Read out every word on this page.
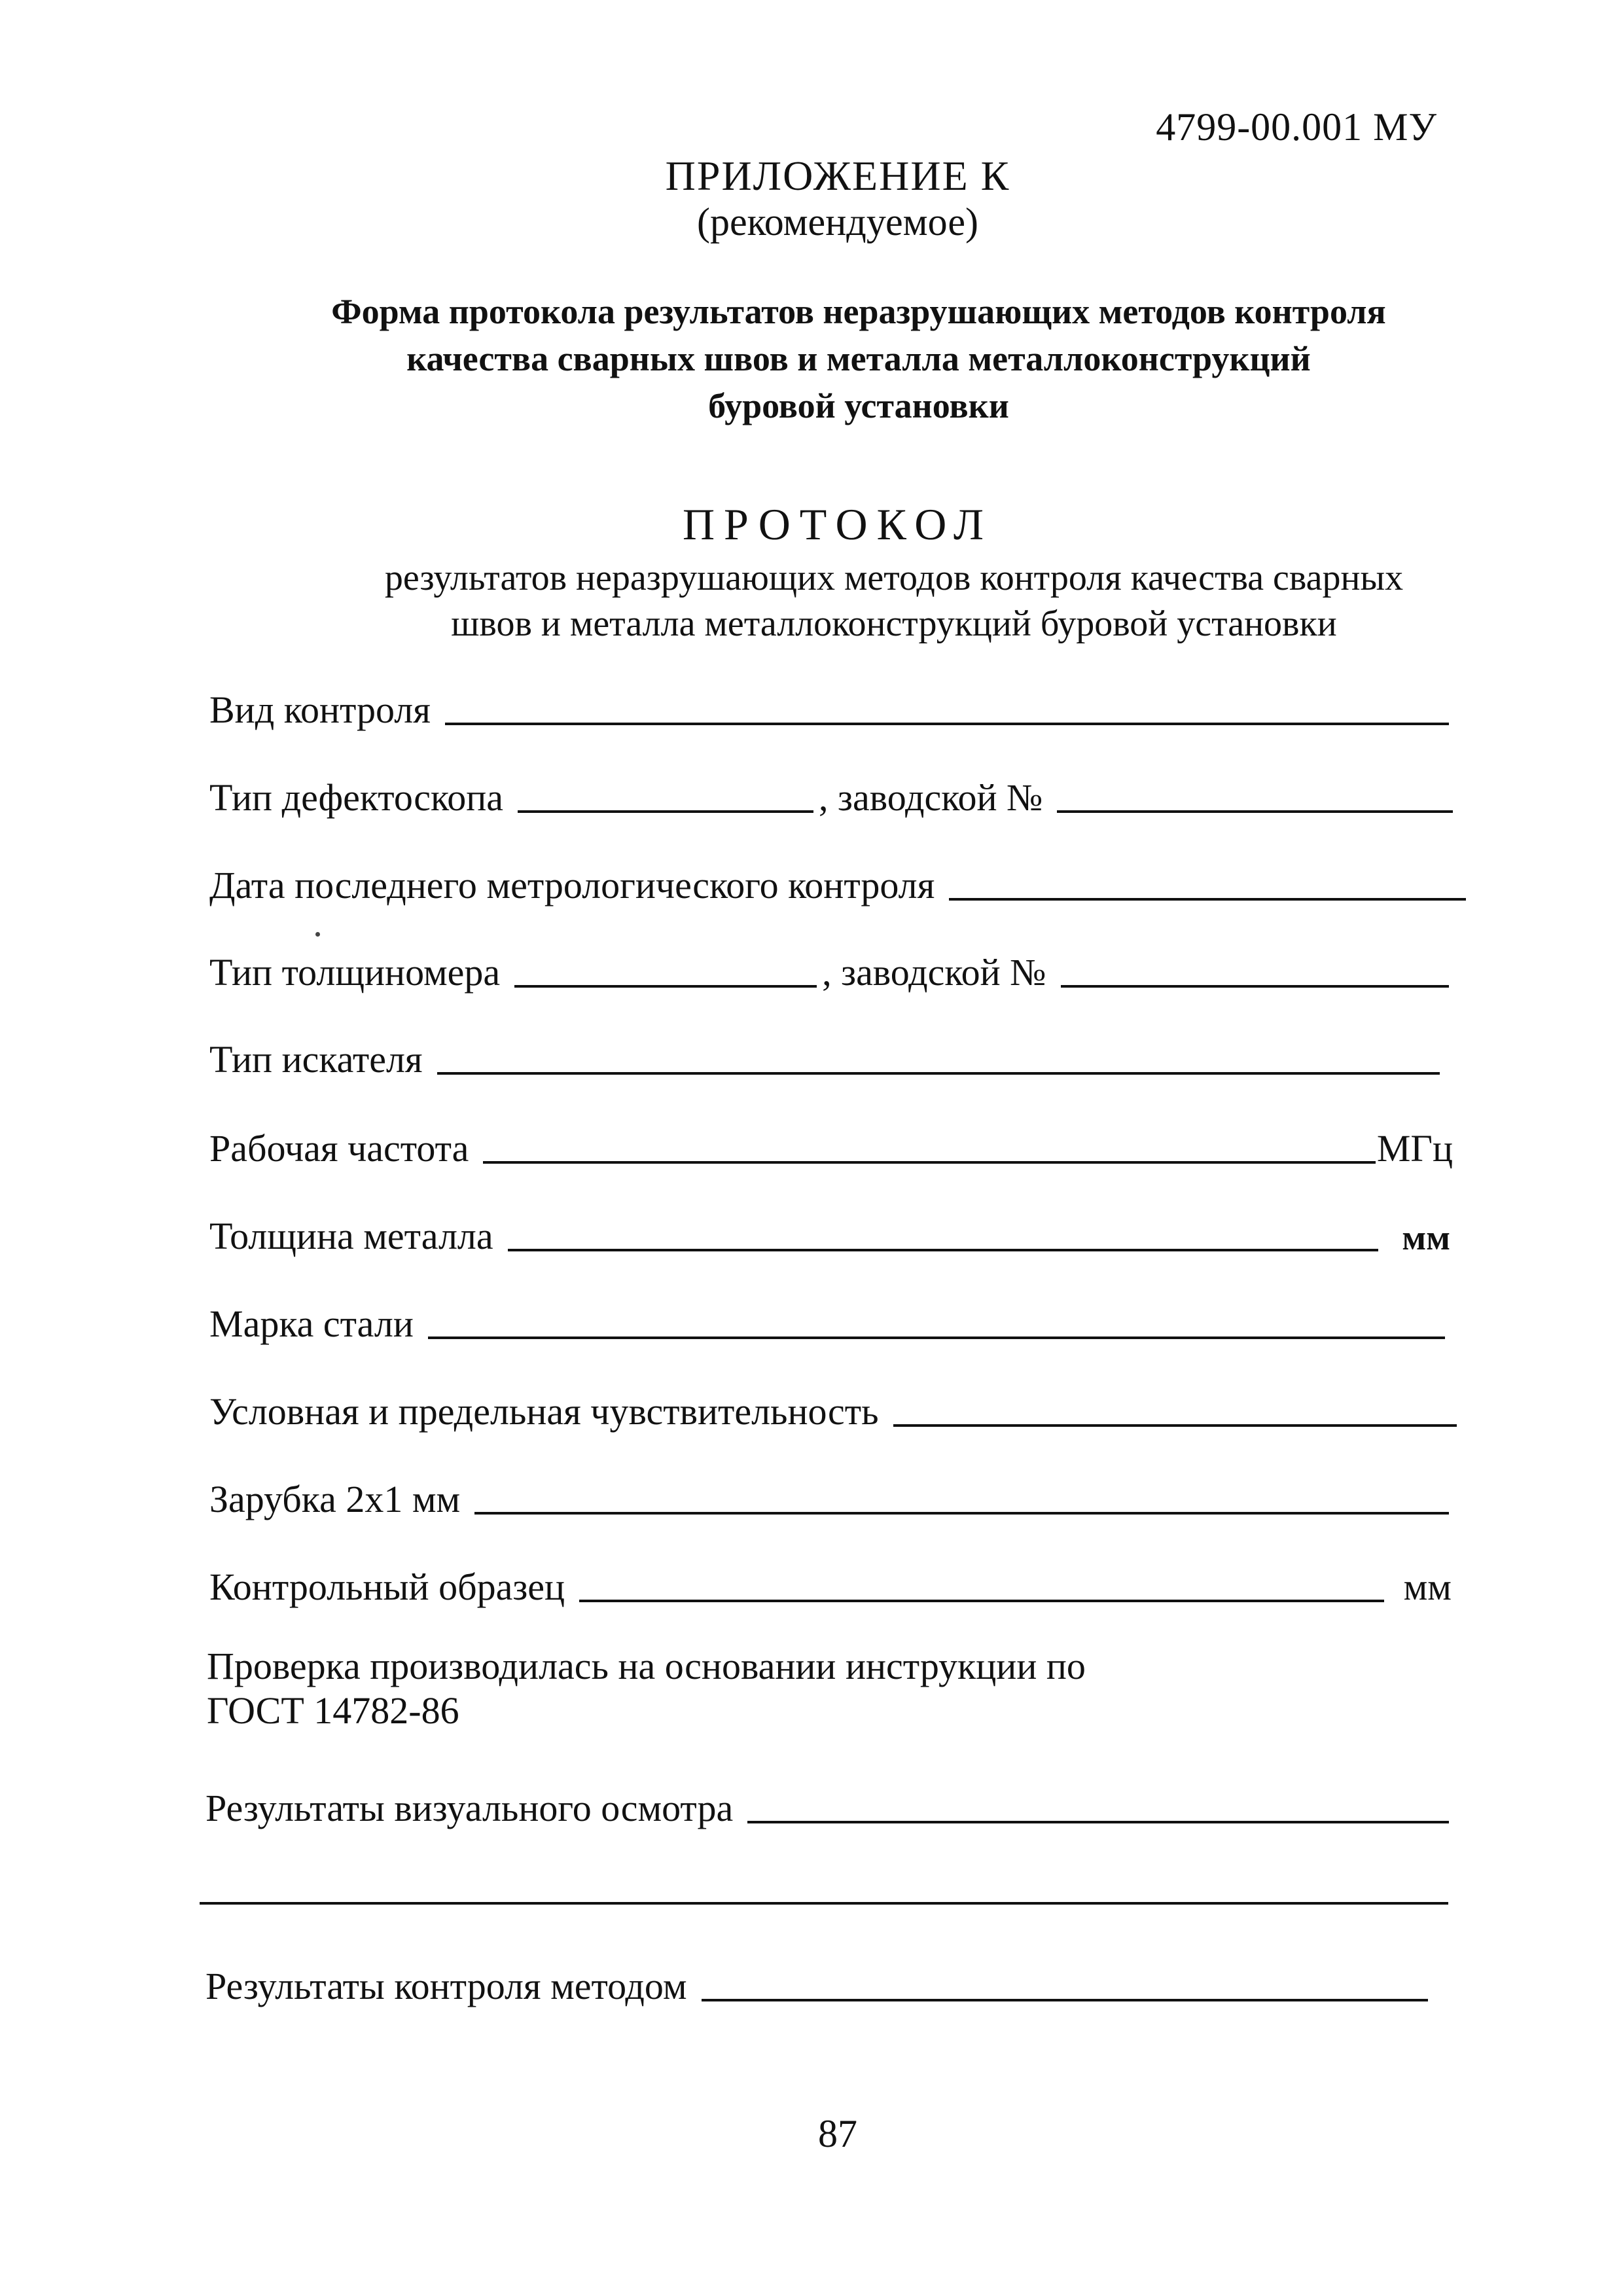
4799-00.001 МУ
ПРИЛОЖЕНИЕ К
(рекомендуемое)
Форма протокола результатов неразрушающих методов контроля
качества сварных швов и металла металлоконструкций
буровой установки
ПРОТОКОЛ
результатов неразрушающих методов контроля качества сварных
швов и металла металлоконструкций буровой установки
Вид контроля
Тип дефектоскопа	, заводской №
Дата последнего метрологического контроля
Тип толщиномера	, заводской №
Тип искателя
Рабочая частота	МГц
Толщина металла	мм
Марка стали
Условная и предельная чувствительность
Зарубка 2x1 мм
Контрольный образец	мм
Проверка производилась на основании инструкции по
ГОСТ 14782-86
Результаты визуального осмотра
Результаты контроля методом
87
